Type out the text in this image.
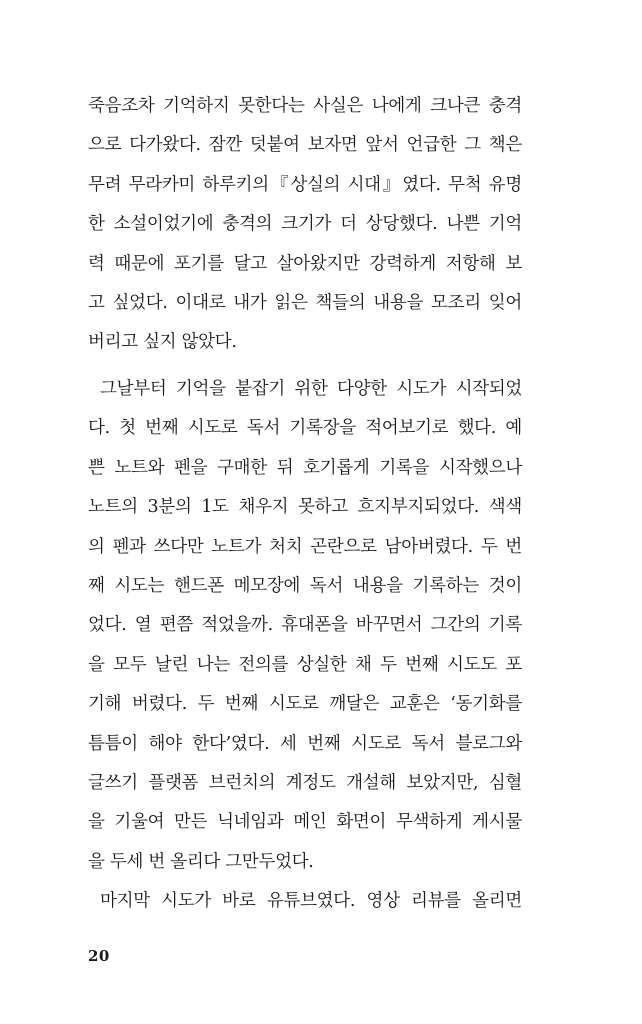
죽음조차 기억하지 못한다는 사실은 나에게 크나큰 충격
으로 다가왔다. 잠깐 덧붙여 보자면 앞서 언급한 그 책은
무려 무라카미 하루키의『상실의 시대』였다. 무척 유명
한 소설이었기에 충격의 크기가 더 상당했다. 나쁜 기억
력 때문에 포기를 달고 살아왔지만 강력하게 저항해 보
고 싶었다. 이대로 내가 읽은 책들의 내용을 모조리 잊어
버리고 싶지 않았다.
그날부터 기억을 붙잡기 위한 다양한 시도가 시작되었
다. 첫 번째 시도로 독서 기록장을 적어보기로 했다. 예
쁜 노트와 펜을 구매한 뒤 호기롭게 기록을 시작했으나
노트의 3분의 1도 채우지 못하고 흐지부지되었다. 색색
의 펜과 쓰다만 노트가 처치 곤란으로 남아버렸다. 두 번
째 시도는 핸드폰 메모장에 독서 내용을 기록하는 것이
었다. 열 편쯤 적었을까. 휴대폰을 바꾸면서 그간의 기록
을 모두 날린 나는 전의를 상실한 채 두 번째 시도도 포
기해 버렸다. 두 번째 시도로 깨달은 교훈은 ‘동기화를
틈틈이 해야 한다’였다. 세 번째 시도로 독서 블로그와
글쓰기 플랫폼 브런치의 계정도 개설해 보았지만, 심혈
을 기울여 만든 닉네임과 메인 화면이 무색하게 게시물
을 두세 번 올리다 그만두었다.
마지막 시도가 바로 유튜브였다. 영상 리뷰를 올리면
20
